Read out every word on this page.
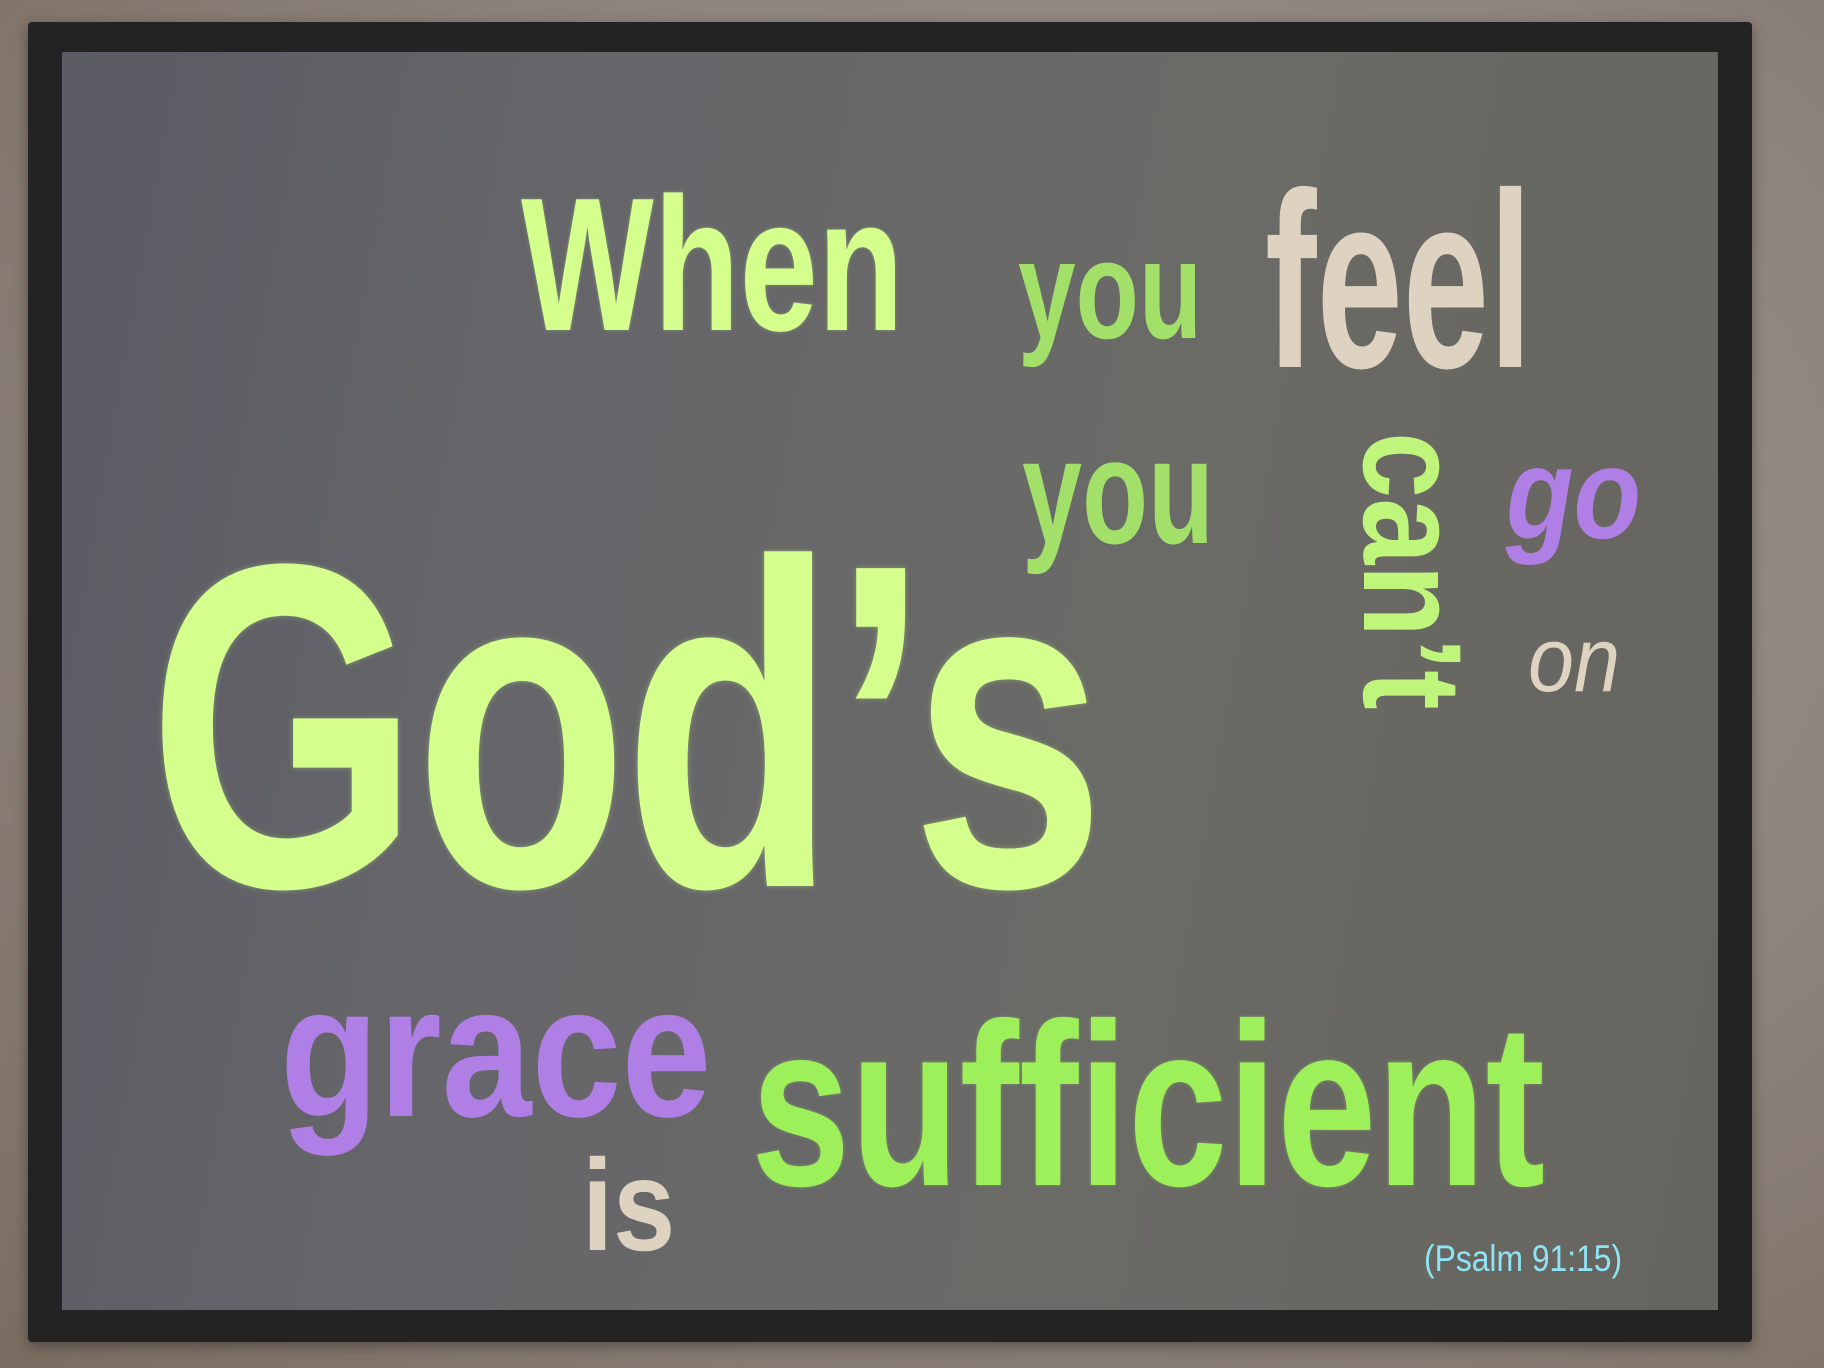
When you feel

you can’t go

on

God’s

grace

is sufficient

(Psalm 91:15)
